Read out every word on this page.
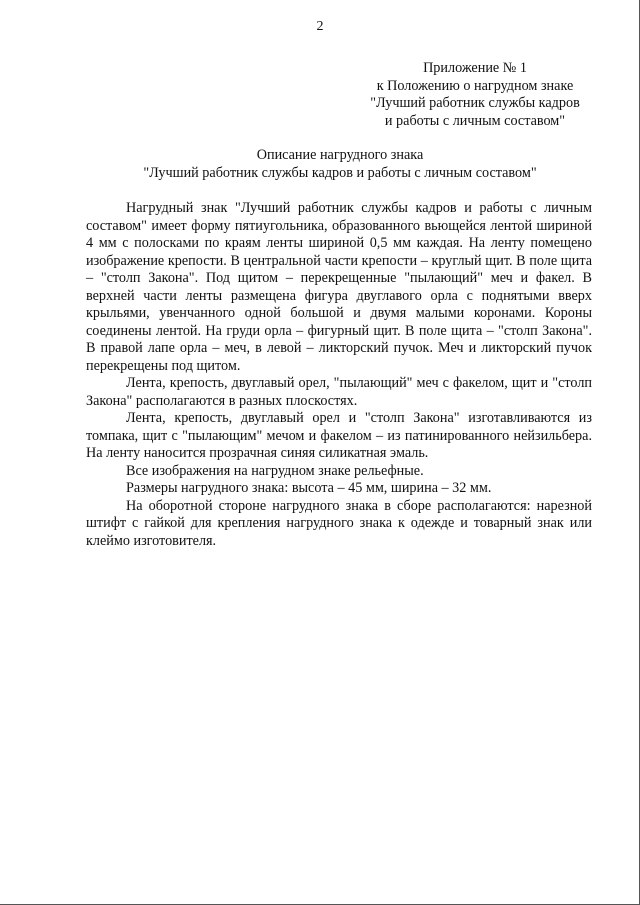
2
Приложение № 1
к Положению о нагрудном знаке
"Лучший работник службы кадров
и работы с личным составом"
Описание нагрудного знака
"Лучший работник службы кадров и работы с личным составом"

Нагрудный знак "Лучший работник службы кадров и работы с личным составом" имеет форму пятиугольника, образованного вьющейся лентой шириной 4 мм с полосками по краям ленты шириной 0,5 мм каждая. На ленту помещено изображение крепости. В центральной части крепости – круглый щит. В поле щита – "столп Закона". Под щитом – перекрещенные "пылающий" меч и факел. В верхней части ленты размещена фигура двуглавого орла с поднятыми вверх крыльями, увенчанного одной большой и двумя малыми коронами. Короны соединены лентой. На груди орла – фигурный щит. В поле щита – "столп Закона". В правой лапе орла – меч, в левой – ликторский пучок. Меч и ликторский пучок перекрещены под щитом.

Лента, крепость, двуглавый орел, "пылающий" меч с факелом, щит и "столп Закона" располагаются в разных плоскостях.

Лента, крепость, двуглавый орел и "столп Закона" изготавливаются из томпака, щит с "пылающим" мечом и факелом – из патинированного нейзильбера. На ленту наносится прозрачная синяя силикатная эмаль.

Все изображения на нагрудном знаке рельефные.

Размеры нагрудного знака: высота – 45 мм, ширина – 32 мм.

На оборотной стороне нагрудного знака в сборе располагаются: нарезной штифт с гайкой для крепления нагрудного знака к одежде и товарный знак или клеймо изготовителя.
